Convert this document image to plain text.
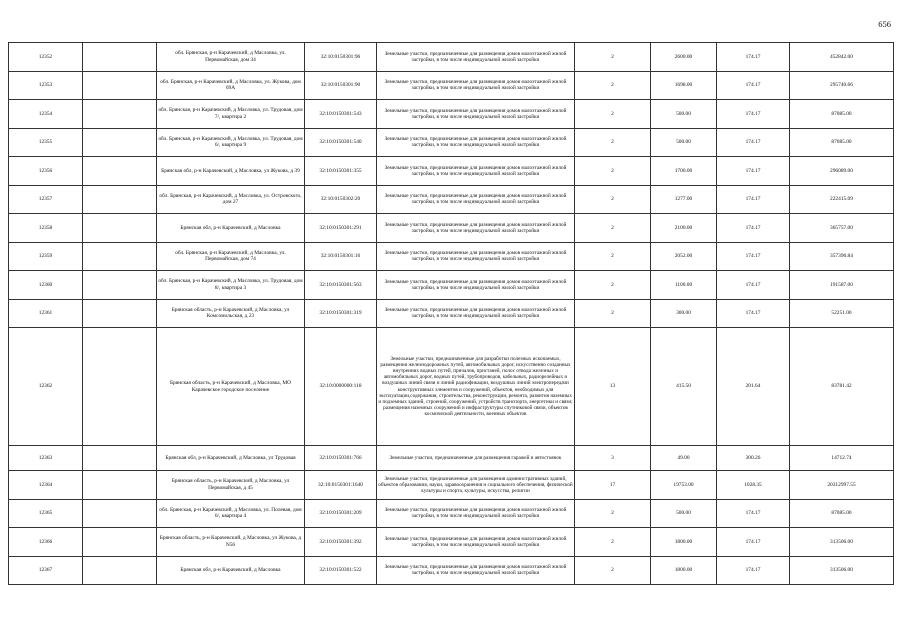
656
12352		обл. Брянская, р-н Карачевский, д Масловка, ул. Первомайская, дом 34	32:10:0150301:96	Земельные участки, предназначенные для размещения домов малоэтажной жилой застройки, в том числе индивидуальной жилой застройки	2	2600.00	174.17	452842.00
12353		обл. Брянская, р-н Карачевский, д Масловка, ул. Жукова, дом 69А	32:10:0150301:90	Земельные участки, предназначенные для размещения домов малоэтажной жилой застройки, в том числе индивидуальной жилой застройки	2	1698.00	174.17	295740.66
12354		обл. Брянская, р-н Карачевский, д Масловка, ул. Трудовая, дом 7/, квартира 2	32:10:0150301:543	Земельные участки, предназначенные для размещения домов малоэтажной жилой застройки, в том числе индивидуальной жилой застройки	2	500.00	174.17	87085.00
12355		обл. Брянская, р-н Карачевский, д Масловка, ул. Трудовая, дом 6/, квартира 9	32:10:0150301:540	Земельные участки, предназначенные для размещения домов малоэтажной жилой застройки, в том числе индивидуальной жилой застройки	2	500.00	174.17	87085.00
12356		Брянская обл, р-н Карачевский, д Масловка, ул Жукова, д 39	32:10:0150301:355	Земельные участки, предназначенные для размещения домов малоэтажной жилой застройки, в том числе индивидуальной жилой застройки	2	1700.00	174.17	296089.00
12357		обл. Брянская, р-н Карачевский, д Масловка, ул. Островского, дом 27	32:10:0150302:20	Земельные участки, предназначенные для размещения домов малоэтажной жилой застройки, в том числе индивидуальной жилой застройки	2	1277.00	174.17	222415.09
12358		Брянская обл, р-н Карачевский, д Масловка	32:10:0150301:291	Земельные участки, предназначенные для размещения домов малоэтажной жилой застройки, в том числе индивидуальной жилой застройки	2	2100.00	174.17	365757.00
12359		обл. Брянская, р-н Карачевский, д Масловка, ул. Первомайская, дом 74	32:10:0150301:16	Земельные участки, предназначенные для размещения домов малоэтажной жилой застройки, в том числе индивидуальной жилой застройки	2	2052.00	174.17	357396.84
12360		обл. Брянская, р-н Карачевский, д Масловка, ул. Трудовая, дом 8/, квартира 3	32:10:0150301:563	Земельные участки, предназначенные для размещения домов малоэтажной жилой застройки, в том числе индивидуальной жилой застройки	2	1100.00	174.17	191587.00
12361		Брянская область, р-н Карачевский, д Масловка, ул Комсомольская, д 23	32:10:0150301:319	Земельные участки, предназначенные для размещения домов малоэтажной жилой застройки, в том числе индивидуальной жилой застройки	2	300.00	174.17	52251.00
12362		Брянская область, р-н Карачевский, д Масловка, МО Карачевское городское поселение	32:10:0000000:118	Земельные участки, предназначенные для разработки полезных ископаемых, размещения железнодорожных путей, автомобильных дорог, искусственно созданных внутренних водных путей, причалов, пристаней, полос отвода железных и автомобильных дорог, водных путей, трубопроводов, кабельных, радиорелейных и воздушных линий связи и линий радиофикации, воздушных линий электропередачи конструктивных элементов и сооружений, объектов, необходимых для эксплуатации,содержания, строительства, реконструкции, ремонта, развития наземных и подземных зданий, строений, сооружений, устройств транспорта, энергетики и связи; размещения наземных сооружений и инфраструктуры спутниковой связи, объектов космической деятельности, военных объектов	13	415.50	201.64	83781.42
12363		Брянская обл, р-н Карачевский, д Масловка, ул Трудовая	32:10:0150301:766	Земельные участки, предназначенные для размещения гаражей и автостоянок	3	49.00	300.26	14712.74
12364		Брянская область, р-н Карачевский, д Масловка, ул Первомайская, д 45	32:10:0150301:1640	Земельные участки, предназначенные для размещения административных зданий, объектов образования, науки, здравоохранения и социального обеспечения, физической культуры и спорта, культуры, искусства, религии	17	19753.00	1028.35	20312997.55
12365		обл. Брянская, р-н Карачевский, д Масловка, ул. Полевая, дом 6/, квартира 4	32:10:0150301:209	Земельные участки, предназначенные для размещения домов малоэтажной жилой застройки, в том числе индивидуальной жилой застройки	2	500.00	174.17	87085.00
12366		Брянская область, р-н Карачевский, д Масловка, ул Жукова, д N56	32:10:0150301:392	Земельные участки, предназначенные для размещения домов малоэтажной жилой застройки, в том числе индивидуальной жилой застройки	2	1800.00	174.17	313506.00
12367		Брянская обл, р-н Карачевский, д Масловка	32:10:0150301:522	Земельные участки, предназначенные для размещения домов малоэтажной жилой застройки, в том числе индивидуальной жилой застройки	2	1800.00	174.17	313506.00
